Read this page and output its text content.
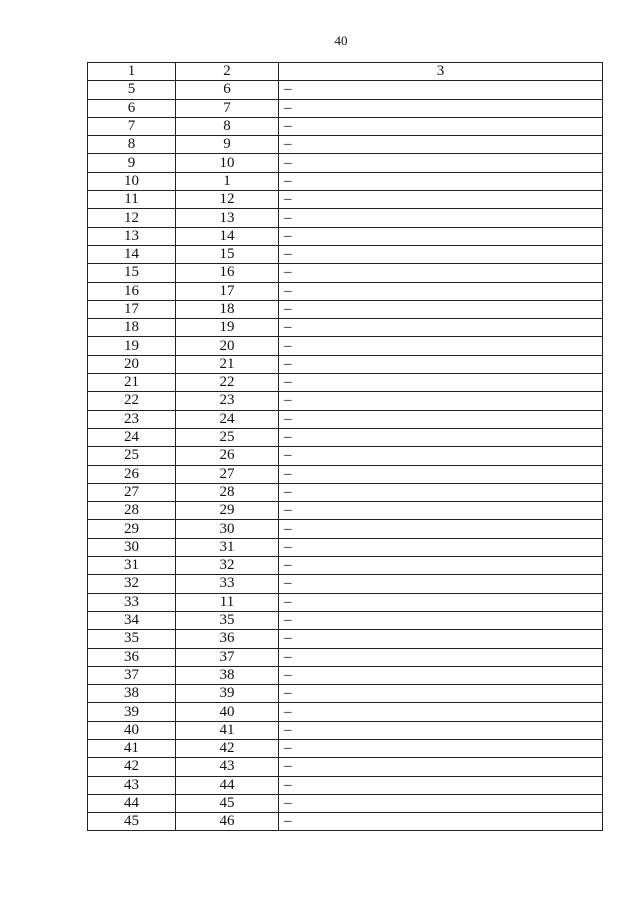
40
1	2	3
5	6	–
6	7	–
7	8	–
8	9	–
9	10	–
10	1	–
11	12	–
12	13	–
13	14	–
14	15	–
15	16	–
16	17	–
17	18	–
18	19	–
19	20	–
20	21	–
21	22	–
22	23	–
23	24	–
24	25	–
25	26	–
26	27	–
27	28	–
28	29	–
29	30	–
30	31	–
31	32	–
32	33	–
33	11	–
34	35	–
35	36	–
36	37	–
37	38	–
38	39	–
39	40	–
40	41	–
41	42	–
42	43	–
43	44	–
44	45	–
45	46	–
